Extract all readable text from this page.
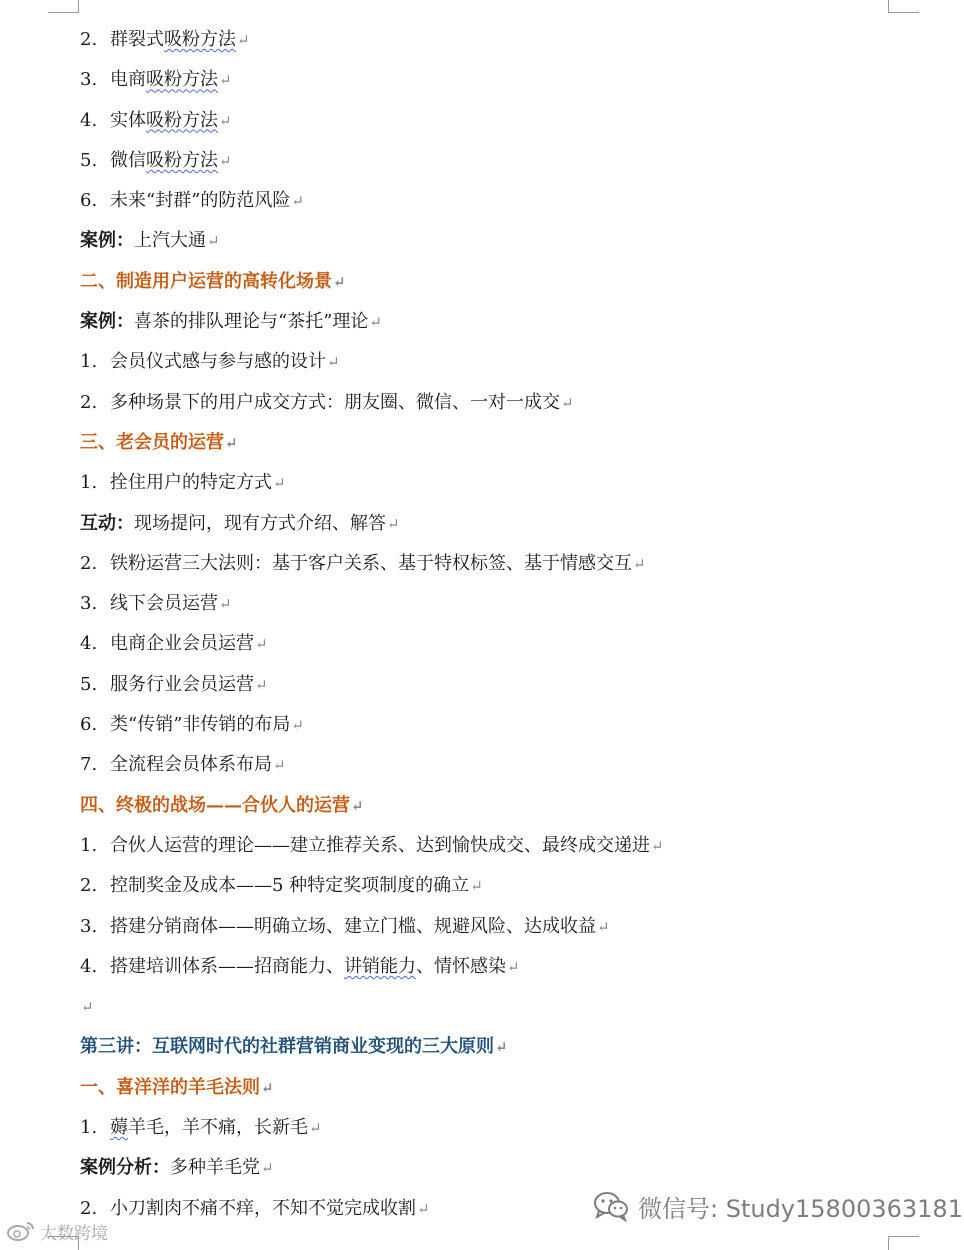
2. 群裂式吸粉方法↵
3. 电商吸粉方法↵
4. 实体吸粉方法↵
5. 微信吸粉方法↵
6. 未来“封群”的防范风险↵
案例：上汽大通↵
二、制造用户运营的高转化场景↵
案例：喜茶的排队理论与“茶托”理论↵
1. 会员仪式感与参与感的设计↵
2. 多种场景下的用户成交方式：朋友圈、微信、一对一成交↵
三、老会员的运营↵
1. 拴住用户的特定方式↵
互动：现场提问，现有方式介绍、解答↵
2. 铁粉运营三大法则：基于客户关系、基于特权标签、基于情感交互↵
3. 线下会员运营↵
4. 电商企业会员运营↵
5. 服务行业会员运营↵
6. 类“传销”非传销的布局↵
7. 全流程会员体系布局↵
四、终极的战场——合伙人的运营↵
1. 合伙人运营的理论——建立推荐关系、达到愉快成交、最终成交递进↵
2. 控制奖金及成本——5 种特定奖项制度的确立↵
3. 搭建分销商体——明确立场、建立门槛、规避风险、达成收益↵
4. 搭建培训体系——招商能力、讲销能力、情怀感染↵
↵
第三讲：互联网时代的社群营销商业变现的三大原则↵
一、喜洋洋的羊毛法则↵
1. 薅羊毛，羊不痛，长新毛↵
案例分析：多种羊毛党↵
2. 小刀割肉不痛不痒，不知不觉完成收割↵	微信号: Study15800363181
太数跨境
